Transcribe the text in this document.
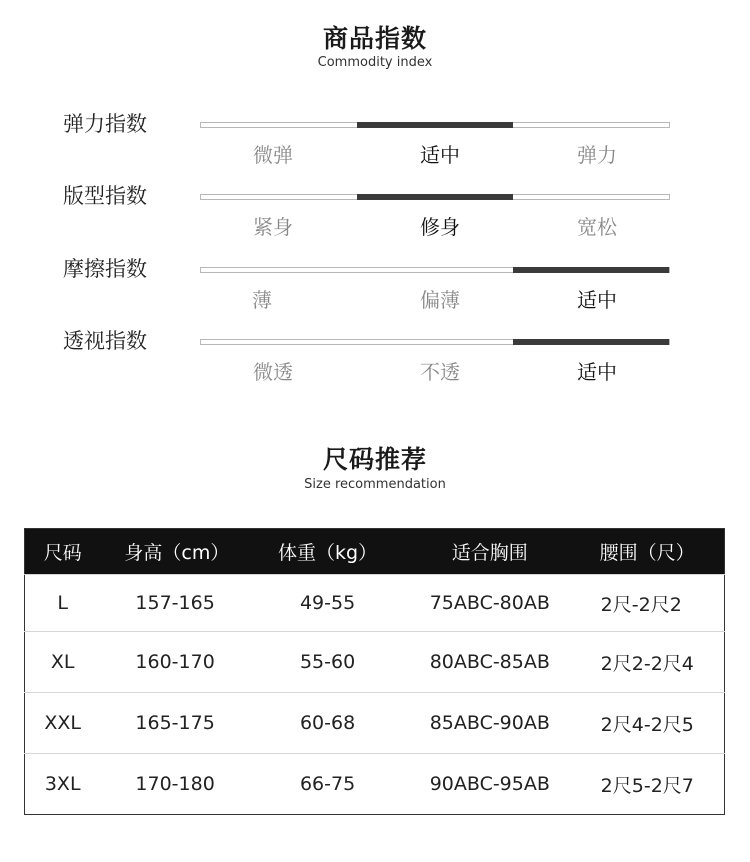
商品指数
Commodity index
弹力指数
微弹	适中	弹力
版型指数
紧身	修身	宽松
摩擦指数
薄	偏薄	适中
透视指数
微透	不透	适中
尺码推荐
Size recommendation
尺码	身高（cm）	体重（kg）	适合胸围	腰围（尺）
L	157-165	49-55	75ABC-80AB	2尺-2尺2
XL	160-170	55-60	80ABC-85AB	2尺2-2尺4
XXL	165-175	60-68	85ABC-90AB	2尺4-2尺5
3XL	170-180	66-75	90ABC-95AB	2尺5-2尺7
